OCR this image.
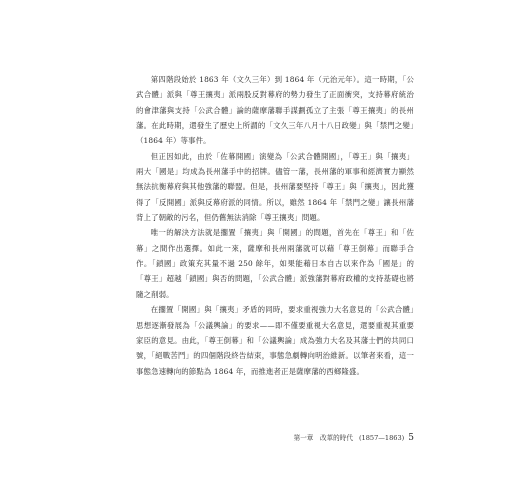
第四階段始於 1863 年（文久三年）到 1864 年（元治元年）。這一時期，「公武合體」派與「尊王攘夷」派兩股反對幕府的勢力發生了正面衝突，支持幕府統治的會津藩與支持「公武合體」論的薩摩藩聯手謀劃孤立了主張「尊王攘夷」的長州藩。在此時期，還發生了歷史上所謂的「文久三年八月十八日政變」與「禁門之變」（1864 年）等事件。

但正因如此，由於「佐幕開國」演變為「公武合體開國」，「尊王」與「攘夷」兩大「國是」均成為長州藩手中的招牌。儘管一藩，長州藩的軍事和經濟實力顯然無法抗衡幕府與其他強藩的聯盟。但是，長州藩要堅持「尊王」與「攘夷」，因此獲得了「反開國」派與反幕府派的同情。所以，雖然 1864 年「禁門之變」讓長州藩背上了朝敵的污名，但仍舊無法消除「尊王攘夷」問題。

唯一的解決方法就是擱置「攘夷」與「開國」的問題，首先在「尊王」和「佐幕」之間作出選擇。如此一來，薩摩和長州兩藩就可以藉「尊王倒幕」而聯手合作。「鎖國」政策充其量不過 250 餘年，如果能藉日本自古以來作為「國是」的「尊王」超越「鎖國」與否的問題，「公武合體」派強藩對幕府政權的支持基礎也將隨之削弱。

在擱置「開國」與「攘夷」矛盾的同時，要求重視強力大名意見的「公武合體」思想逐漸發展為「公議輿論」的要求——即不僅要重視大名意見，還要重視其重要家臣的意見。由此，「尊王倒幕」和「公議輿論」成為強力大名及其藩士們的共同口號，「絕戰苦鬥」的四個階段終告結束，事態急劇轉向明治維新。以筆者來看，這一事態急速轉向的節點為 1864 年，而推進者正是薩摩藩的西鄉隆盛。

第一章　改革的時代 (1857—1863) 5
